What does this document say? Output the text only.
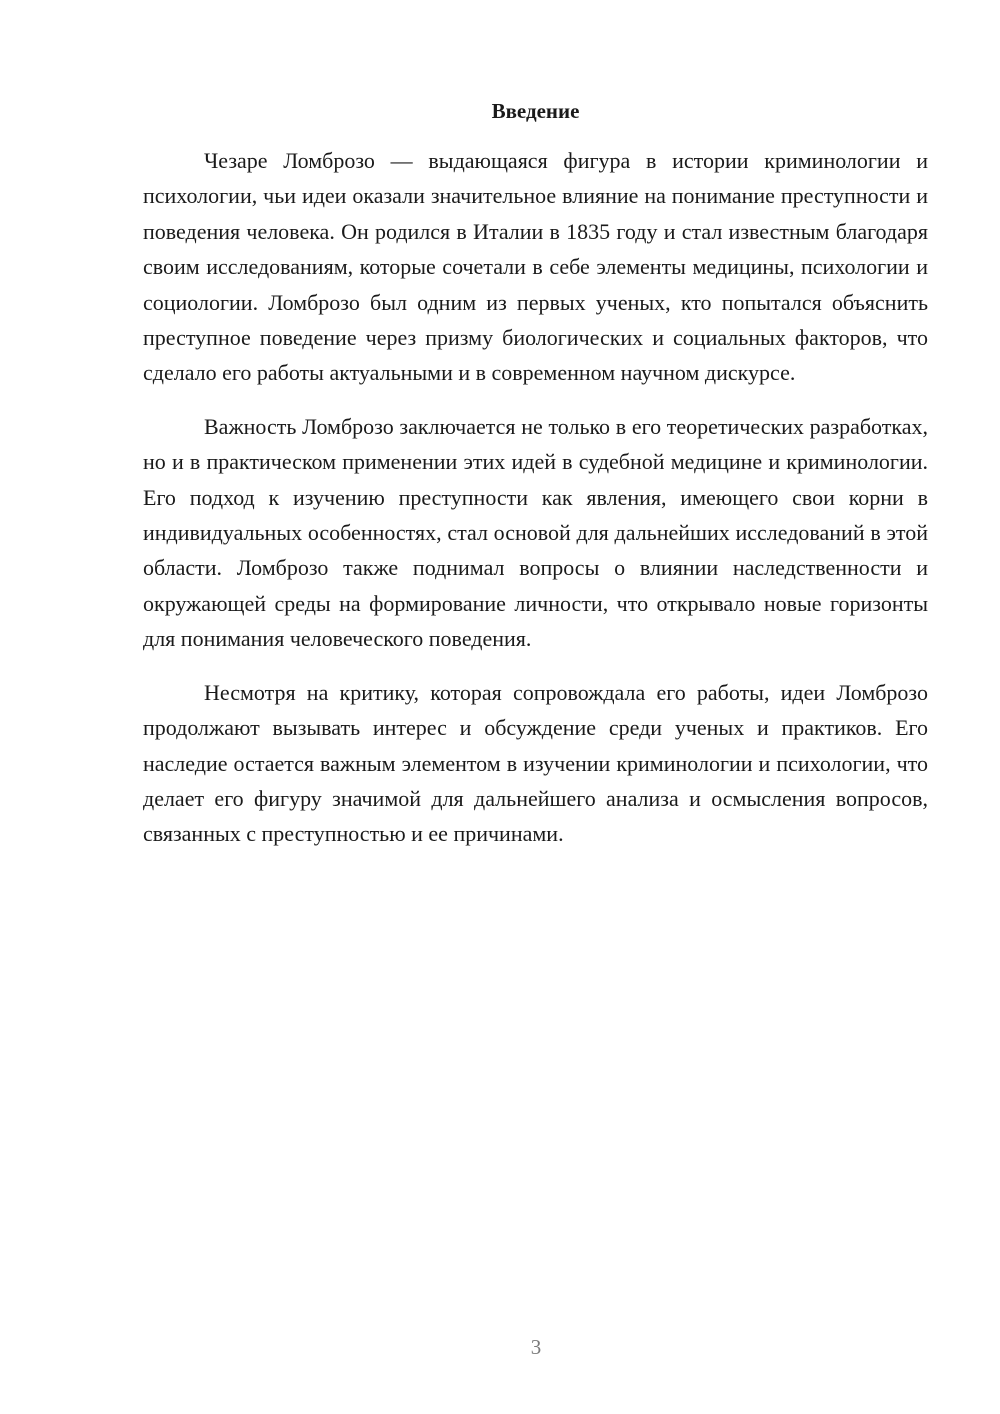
Введение

Чезаре Ломброзо — выдающаяся фигура в истории криминологии и психологии, чьи идеи оказали значительное влияние на понимание преступности и поведения человека. Он родился в Италии в 1835 году и стал известным благодаря своим исследованиям, которые сочетали в себе элементы медицины, психологии и социологии. Ломброзо был одним из первых ученых, кто попытался объяснить преступное поведение через призму биологических и социальных факторов, что сделало его работы актуальными и в современном научном дискурсе.

Важность Ломброзо заключается не только в его теоретических разработках, но и в практическом применении этих идей в судебной медицине и криминологии. Его подход к изучению преступности как явления, имеющего свои корни в индивидуальных особенностях, стал основой для дальнейших исследований в этой области. Ломброзо также поднимал вопросы о влиянии наследственности и окружающей среды на формирование личности, что открывало новые горизонты для понимания человеческого поведения.

Несмотря на критику, которая сопровождала его работы, идеи Ломброзо продолжают вызывать интерес и обсуждение среди ученых и практиков. Его наследие остается важным элементом в изучении криминологии и психологии, что делает его фигуру значимой для дальнейшего анализа и осмысления вопросов, связанных с преступностью и ее причинами.

3
